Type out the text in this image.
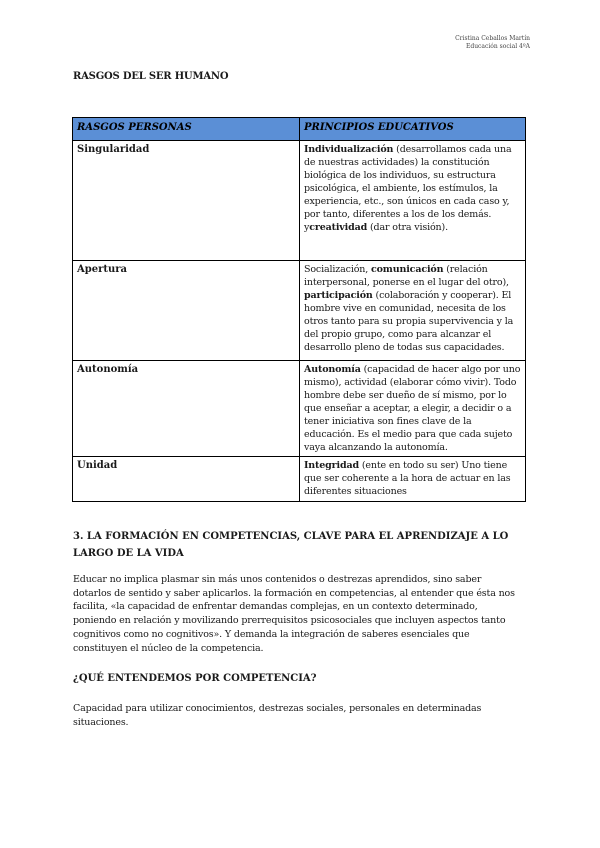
Cristina Ceballos Martín
Educación social 4ºA
RASGOS DEL SER HUMANO
RASGOS PERSONAS	PRINCIPIOS EDUCATIVOS
Singularidad	Individualización (desarrollamos cada una de nuestras actividades) la constitución biológica de los individuos, su estructura psicológica, el ambiente, los estímulos, la experiencia, etc., son únicos en cada caso y, por tanto, diferentes a los de los demás. ycreatividad (dar otra visión).
Apertura	Socialización, comunicación (relación interpersonal, ponerse en el lugar del otro), participación (colaboración y cooperar). El hombre vive en comunidad, necesita de los otros tanto para su propia supervivencia y la del propio grupo, como para alcanzar el desarrollo pleno de todas sus capacidades.
Autonomía	Autonomía (capacidad de hacer algo por uno mismo), actividad (elaborar cómo vivir). Todo hombre debe ser dueño de sí mismo, por lo que enseñar a aceptar, a elegir, a decidir o a tener iniciativa son fines clave de la educación. Es el medio para que cada sujeto vaya alcanzando la autonomía.
Unidad	Integridad (ente en todo su ser) Uno tiene que ser coherente a la hora de actuar en las diferentes situaciones
3. LA FORMACIÓN EN COMPETENCIAS, CLAVE PARA EL APRENDIZAJE A LO LARGO DE LA VIDA
Educar no implica plasmar sin más unos contenidos o destrezas aprendidos, sino saber dotarlos de sentido y saber aplicarlos. la formación en competencias, al entender que ésta nos facilita, «la capacidad de enfrentar demandas complejas, en un contexto determinado, poniendo en relación y movilizando prerrequisitos psicosociales que incluyen aspectos tanto cognitivos como no cognitivos». Y demanda la integración de saberes esenciales que constituyen el núcleo de la competencia.
¿QUÉ ENTENDEMOS POR COMPETENCIA?
Capacidad para utilizar conocimientos, destrezas sociales, personales en determinadas situaciones.
